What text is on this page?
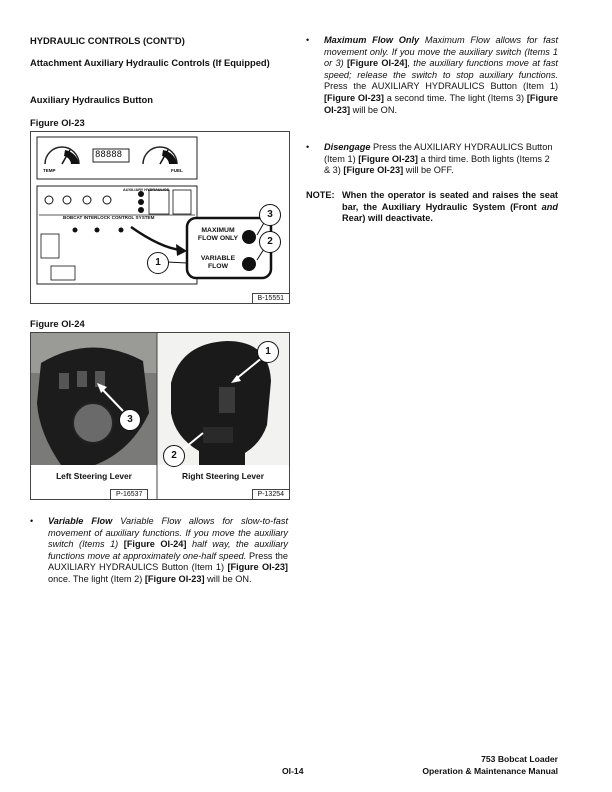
HYDRAULIC CONTROLS (CONT'D)
Attachment Auxiliary Hydraulic Controls (If Equipped)
Auxiliary Hydraulics Button
Figure OI-23
TEMP	FUEL
88888
AUXILIARY HYDRAULICS
BOBCAT INTERLOCK CONTROL SYSTEM
MAXIMUM FLOW ONLY
VARIABLE FLOW
3
2
1
B-15551
Figure OI-24
3
1
2
Left Steering Lever	Right Steering Lever
P-16537	P-13254
• Variable Flow Variable Flow allows for slow-to-fast movement of auxiliary functions. If you move the auxiliary switch (Items 1) [Figure OI-24] half way, the auxiliary functions move at approximately one-half speed. Press the AUXILIARY HYDRAULICS Button (Item 1) [Figure OI-23] once. The light (Item 2) [Figure OI-23] will be ON.
• Maximum Flow Only Maximum Flow allows for fast movement only. If you move the auxiliary switch (Items 1 or 3) [Figure OI-24], the auxiliary functions move at fast speed; release the switch to stop auxiliary functions. Press the AUXILIARY HYDRAULICS Button (Item 1) [Figure OI-23] a second time. The light (Items 3) [Figure OI-23] will be ON.
• Disengage Press the AUXILIARY HYDRAULICS Button (Item 1) [Figure OI-23] a third time. Both lights (Items 2 & 3) [Figure OI-23] will be OFF.
NOTE: When the operator is seated and raises the seat bar, the Auxiliary Hydraulic System (Front and Rear) will deactivate.
OI-14
753 Bobcat Loader
Operation & Maintenance Manual
